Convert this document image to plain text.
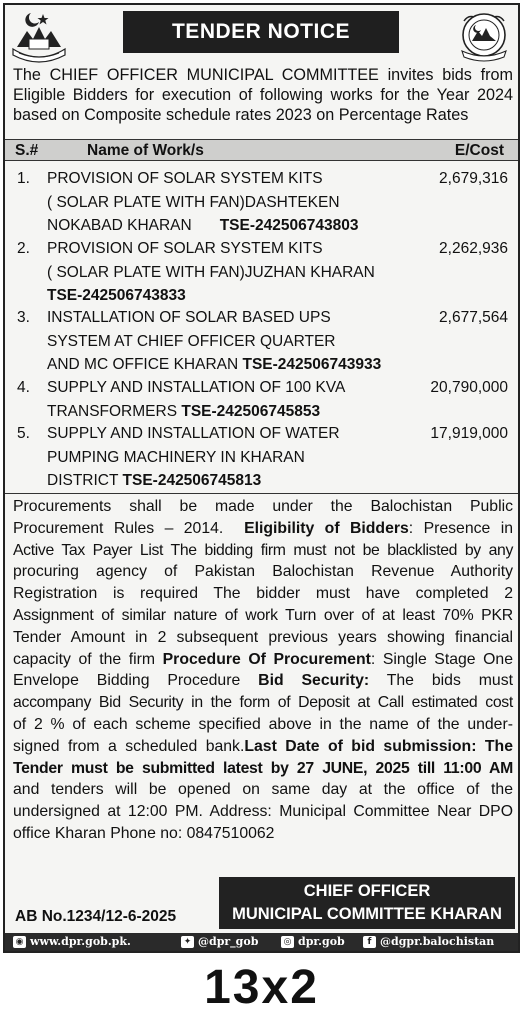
TENDER NOTICE
The CHIEF OFFICER MUNICIPAL COMMITTEE invites bids from
Eligible Bidders for execution of following works for the Year 2024
based on Composite schedule rates 2023 on Percentage Rates
S.#	Name of Work/s	E/Cost
1. PROVISION OF SOLAR SYSTEM KITS
( SOLAR PLATE WITH FAN)DASHTEKEN
NOKABAD KHARAN TSE-242506743803
2,679,316
2. PROVISION OF SOLAR SYSTEM KITS
( SOLAR PLATE WITH FAN)JUZHAN KHARAN
TSE-242506743833
2,262,936
3. INSTALLATION OF SOLAR BASED UPS
SYSTEM AT CHIEF OFFICER QUARTER
AND MC OFFICE KHARAN TSE-242506743933
2,677,564
4. SUPPLY AND INSTALLATION OF 100 KVA
TRANSFORMERS TSE-242506745853
20,790,000
5. SUPPLY AND INSTALLATION OF WATER
PUMPING MACHINERY IN KHARAN
DISTRICT TSE-242506745813
17,919,000
Procurements shall be made under the Balochistan Public
Procurement Rules – 2014. Eligibility of Bidders: Presence in
Active Tax Payer List The bidding firm must not be blacklisted by any
procuring agency of Pakistan Balochistan Revenue Authority
Registration is required The bidder must have completed 2
Assignment of similar nature of work Turn over of at least 70% PKR
Tender Amount in 2 subsequent previous years showing financial
capacity of the firm Procedure Of Procurement: Single Stage One
Envelope Bidding Procedure Bid Security: The bids must
accompany Bid Security in the form of Deposit at Call estimated cost
of 2 % of each scheme specified above in the name of the under-
signed from a scheduled bank.Last Date of bid submission: The
Tender must be submitted latest by 27 JUNE, 2025 till 11:00 AM
and tenders will be opened on same day at the office of the
undersigned at 12:00 PM. Address: Municipal Committee Near DPO
office Kharan Phone no: 0847510062
CHIEF OFFICER
MUNICIPAL COMMITTEE KHARAN
AB No.1234/12-6-2025
◉ www.dpr.gob.pk.	✦ @dpr_gob	◎ dpr.gob	f @dgpr.balochistan
13x2
